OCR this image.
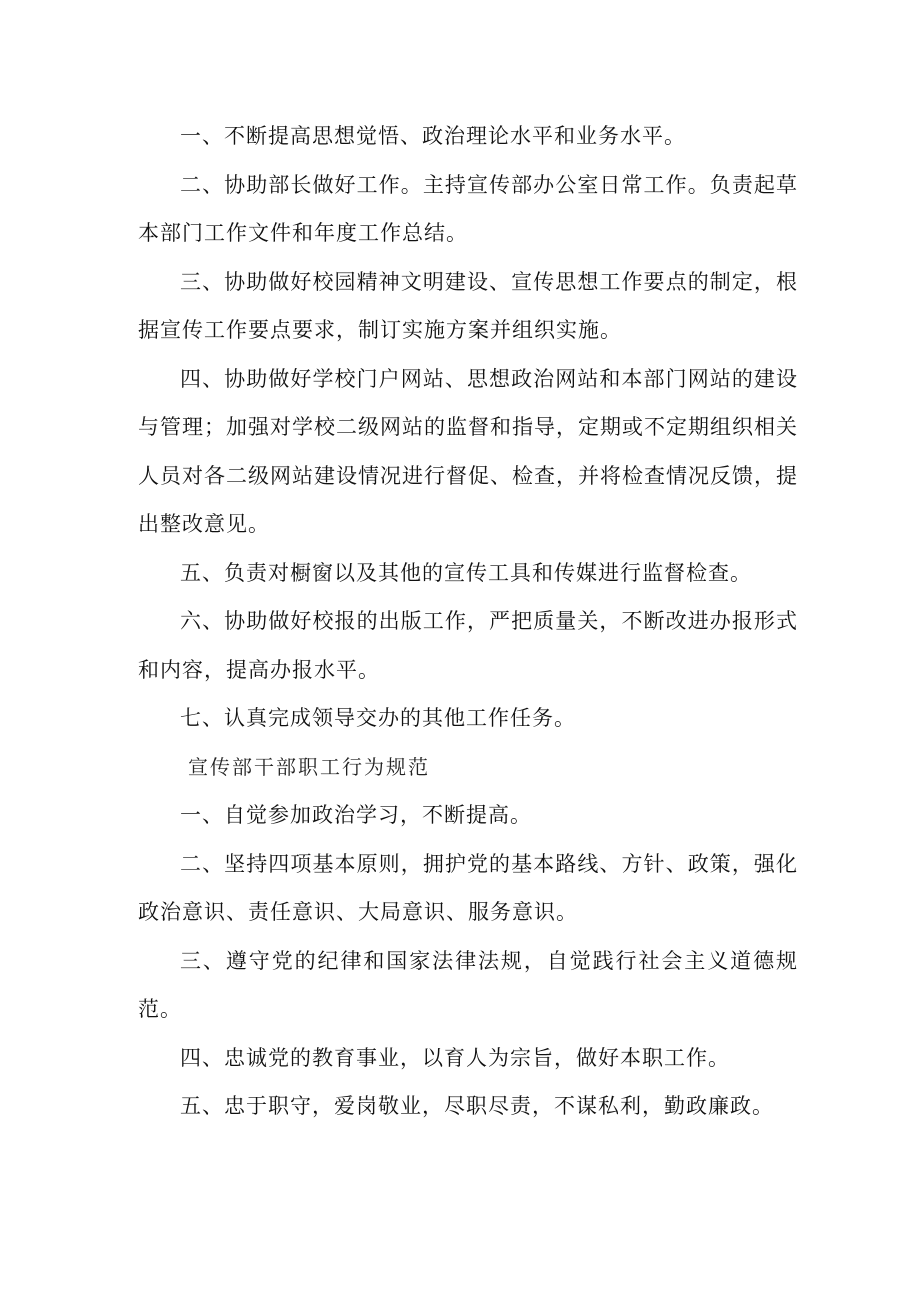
一、不断提高思想觉悟、政治理论水平和业务水平。

二、协助部长做好工作。主持宣传部办公室日常工作。负责起草本部门工作文件和年度工作总结。

三、协助做好校园精神文明建设、宣传思想工作要点的制定，根据宣传工作要点要求，制订实施方案并组织实施。

四、协助做好学校门户网站、思想政治网站和本部门网站的建设与管理；加强对学校二级网站的监督和指导，定期或不定期组织相关人员对各二级网站建设情况进行督促、检查，并将检查情况反馈，提出整改意见。

五、负责对橱窗以及其他的宣传工具和传媒进行监督检查。

六、协助做好校报的出版工作，严把质量关，不断改进办报形式和内容，提高办报水平。

七、认真完成领导交办的其他工作任务。

宣传部干部职工行为规范

一、自觉参加政治学习，不断提高。

二、坚持四项基本原则，拥护党的基本路线、方针、政策，强化政治意识、责任意识、大局意识、服务意识。

三、遵守党的纪律和国家法律法规，自觉践行社会主义道德规范。

四、忠诚党的教育事业，以育人为宗旨，做好本职工作。

五、忠于职守，爱岗敬业，尽职尽责，不谋私利，勤政廉政。
